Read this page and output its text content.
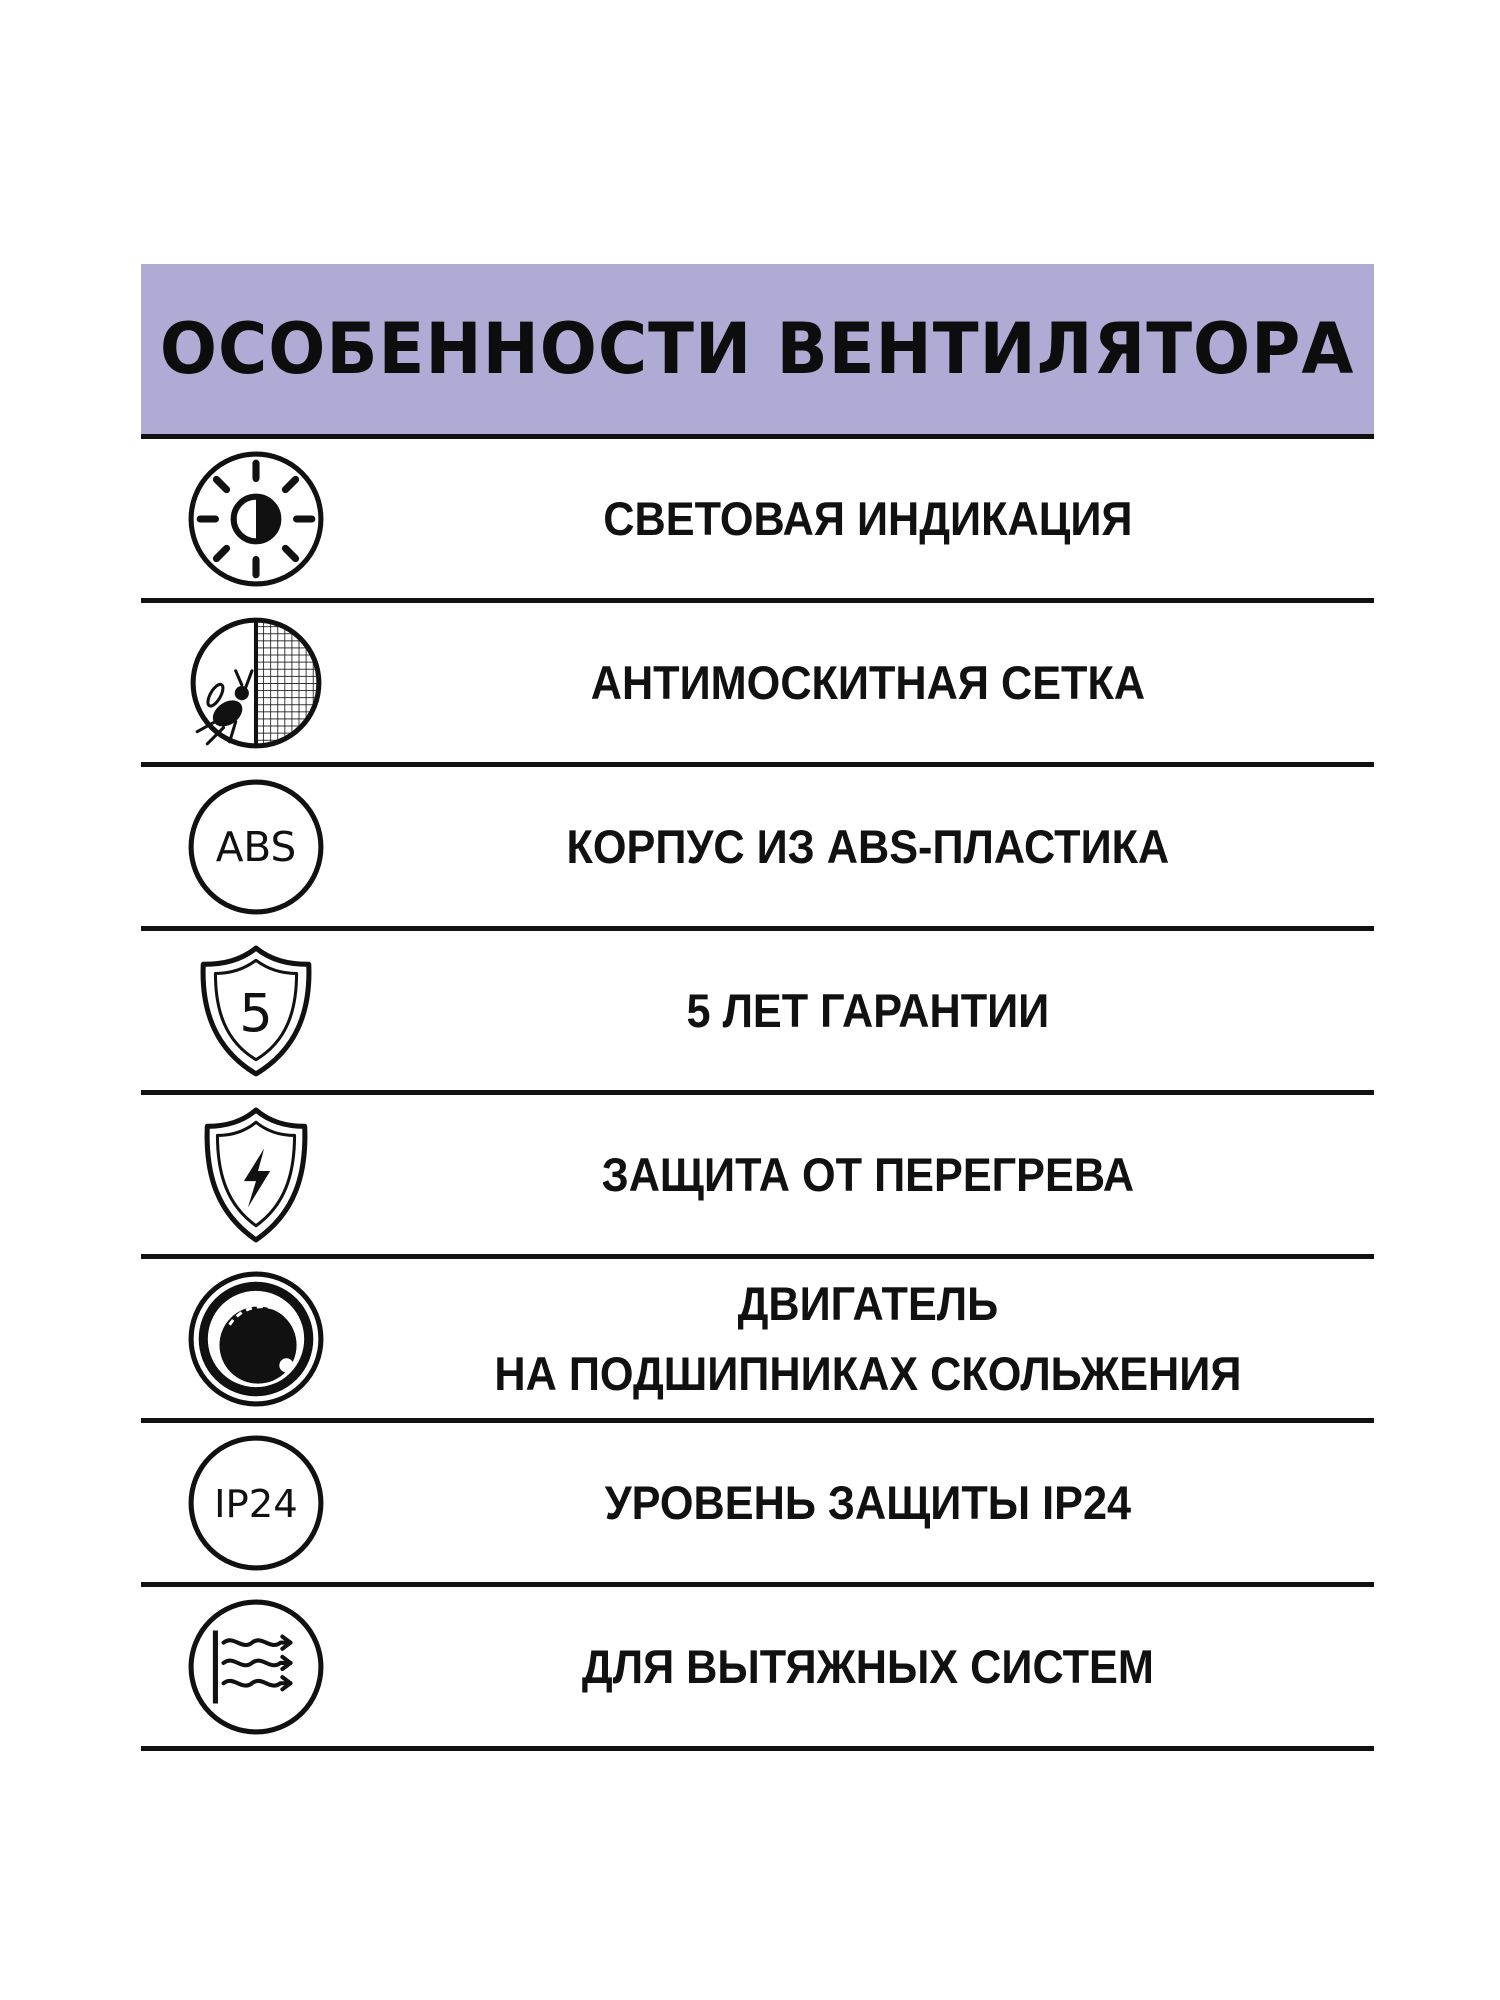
ОСОБЕННОСТИ ВЕНТИЛЯТОРА
СВЕТОВАЯ ИНДИКАЦИЯ
АНТИМОСКИТНАЯ СЕТКА
ABS	КОРПУС ИЗ ABS-ПЛАСТИКА
5	5 ЛЕТ ГАРАНТИИ
ЗАЩИТА ОТ ПЕРЕГРЕВА
ДВИГАТЕЛЬ
НА ПОДШИПНИКАХ СКОЛЬЖЕНИЯ
IP24	УРОВЕНЬ ЗАЩИТЫ IP24
ДЛЯ ВЫТЯЖНЫХ СИСТЕМ
